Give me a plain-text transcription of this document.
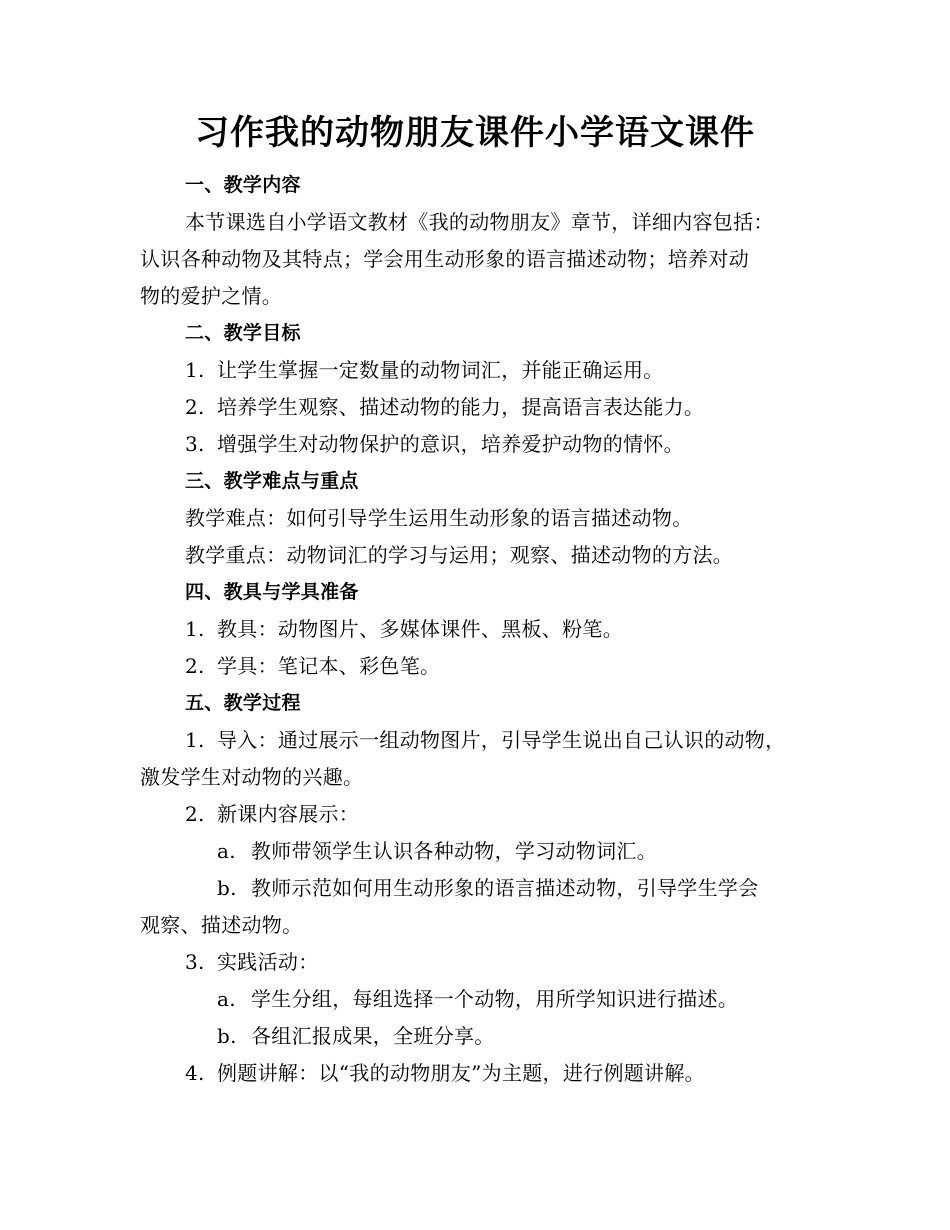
习作我的动物朋友课件小学语文课件
一、教学内容
本节课选自小学语文教材《我的动物朋友》章节，详细内容包括：
认识各种动物及其特点；学会用生动形象的语言描述动物；培养对动
物的爱护之情。
二、教学目标
1. 让学生掌握一定数量的动物词汇，并能正确运用。
2. 培养学生观察、描述动物的能力，提高语言表达能力。
3. 增强学生对动物保护的意识，培养爱护动物的情怀。
三、教学难点与重点
教学难点：如何引导学生运用生动形象的语言描述动物。
教学重点：动物词汇的学习与运用；观察、描述动物的方法。
四、教具与学具准备
1. 教具：动物图片、多媒体课件、黑板、粉笔。
2. 学具：笔记本、彩色笔。
五、教学过程
1. 导入：通过展示一组动物图片，引导学生说出自己认识的动物，
激发学生对动物的兴趣。
2. 新课内容展示：
a. 教师带领学生认识各种动物，学习动物词汇。
b. 教师示范如何用生动形象的语言描述动物，引导学生学会
观察、描述动物。
3. 实践活动：
a. 学生分组，每组选择一个动物，用所学知识进行描述。
b. 各组汇报成果，全班分享。
4. 例题讲解：以“我的动物朋友”为主题，进行例题讲解。
